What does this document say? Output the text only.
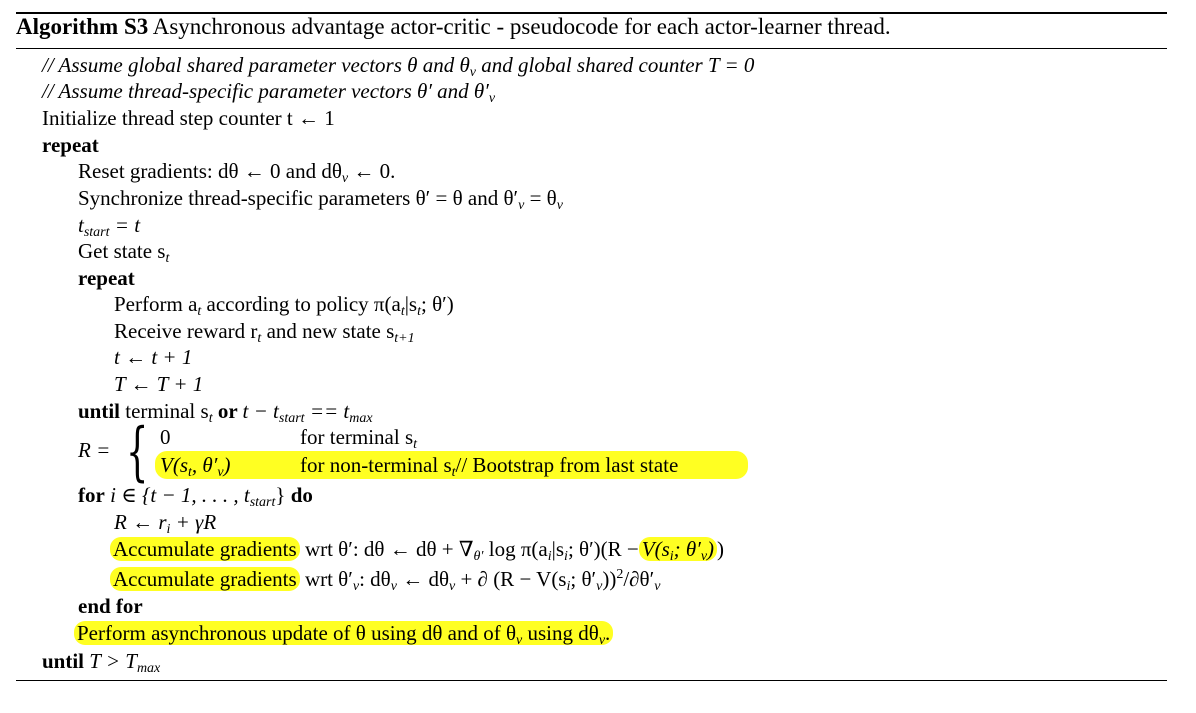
Algorithm S3 Asynchronous advantage actor-critic - pseudocode for each actor-learner thread.
// Assume global shared parameter vectors θ and $\theta_v$ and global shared counter T = 0
// Assume thread-specific parameter vectors θ′ and $\theta'_v$
Initialize thread step counter t ← 1
repeat
Reset gradients: dθ ← 0 and $d\theta_v$ ← 0.
Synchronize thread-specific parameters θ′ = θ and $\theta'_v = \theta_v$
$t_{start} = t$
Get state $s_t$
repeat
Perform $a_t$ according to policy $\pi(a_t|s_t$; θ′)
Receive reward $r_t$ and new state $s_{t+1}$
t ← t + 1
T ← T + 1
until terminal $s_t$ or $t - t_{start} == t_{max}$
R = { 0	for terminal $s_t$
$V(s_t$, $\theta'_v$)	for non-terminal $s_t//$ Bootstrap from last state
for i ∈ {t − 1, . . . , $t_{start}$} do
R ← $r_i + \gamma R$
Accumulate gradients wrt θ′: dθ ← $d\theta + \nabla_{\theta'}$ $\log \pi(a_i|s_i$; $\theta')(R - V(s_i$; $\theta'_v$) )
Accumulate gradients wrt $\theta'_v$: $d\theta_v$ ← $d\theta_v$ + ∂ ($R - V(s_i$; $\theta'_v))^2/\partial\theta'_v$
end for
Perform asynchronous update of θ using dθ and of $\theta_v$ using $d\theta_v$.
until $T > T_{max}$
